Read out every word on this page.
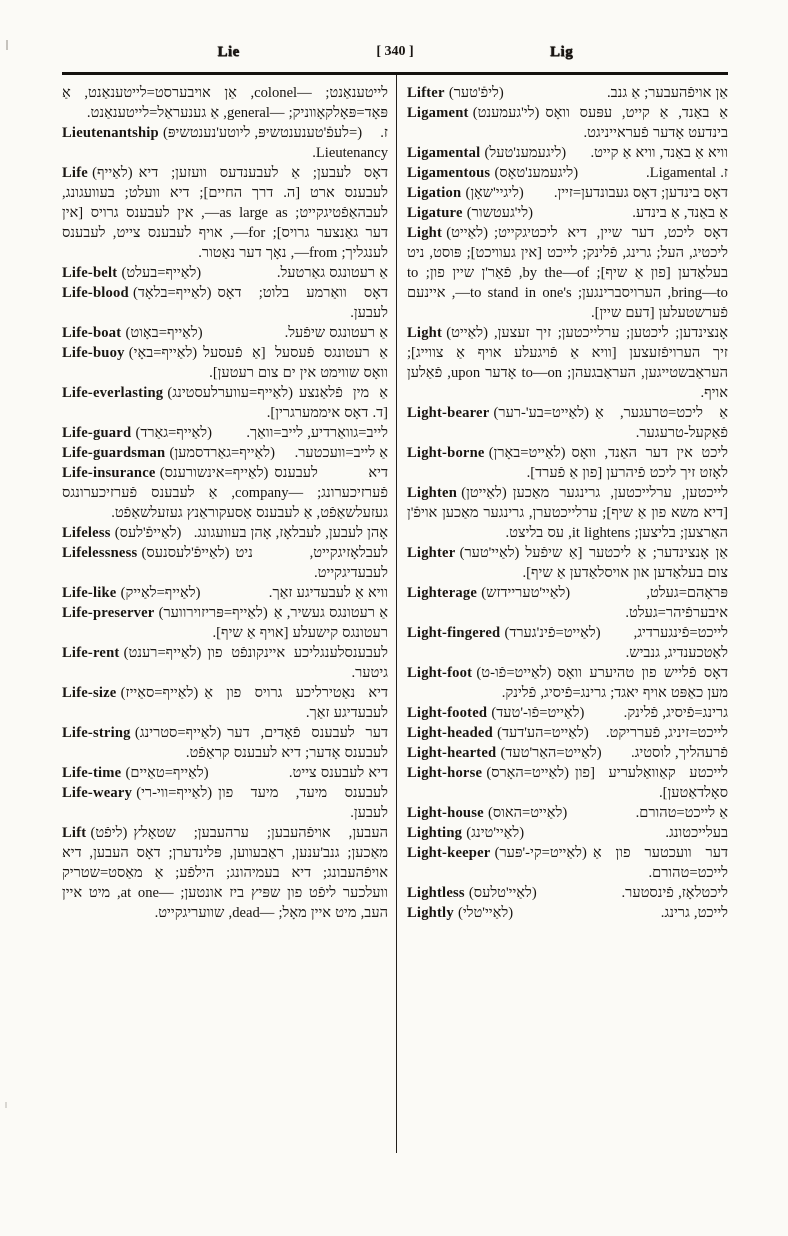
Lie	[ 340 ]	Lig

לייטענאַנט; —colonel, אַן אויבערסט=לייטענאַנט, אַ פּאָד=פּאָלקאָווניק; —general, אַ גענעראַל=לייטענאַנט.

Lieutenantship (לעפֿ'טענענטשיפּ, ליוטע'נענטשיפּ=) ז. Lieutenancy.

Life (לאַייף) דאָס לעבען; אַ לעבענדעס וועזען; דיא לעבענס ארט [ה. דרך החיים]; דיא וועלט; בעוועגונג, לעבהאַפֿטיגקייט; as large as—, אין לעבענס גרויס [אין דער גאַנצער גרויס]; for—, אויף לעבענס צייט, לעבענס לענגליך; from—, נאָך דער נאַטור.

Life-belt (לאַייף=בעלט)	אַ רעטונגס גאַרטעל.

Life-blood (לאַייף=בלאָד) דאָס וואַרמע בלוט; דאָס לעבען.

Life-boat (לאַייף=באָוט)	אַ רעטונגס שיפֿעל.

Life-buoy (לאַייף=באָי) אַ רעטונגס פֿעסעל [אַ פֿעסעל וואָס שווימט אין ים צום רעטען].

Life-everlasting (לאַייף=עווערלעסטינג) אַ מין פֿלאַנצע [ד. דאָס איממערגרין].

Life-guard (לאַייף=גאַרד) לייב=גוואַרדיע, לייב=וואַך.

Life-guardsman (לאַייף=גאַרדסמען) אַ לייב=וועכטער.

Life-insurance (לאַייף=אינשורענס) דיא לעבענס פֿערזיכערונג; —company, אַ לעבענס פֿערזיכערונגס געזעלשאַפֿט, אַ לעבענס אַסעקוראַנץ געזעלשאַפֿט.

Lifeless (לאַייפֿ'לעס) אָהן לעבען, לעבלאָז, אָהן בעוועגונג.

Lifelessness (לאַייפֿ'לעסנעס) לעבלאָזיגקייט, ניט לעבעדיגקייט.

Life-like (לאַייף=לאַייק)	וויא אַ לעבעדיגע זאַך.

Life-preserver (לאַייף=פּריזוירווער) אַ רעטונגס געשיר, אַ רעטונגס קישעלע [אויף אַ שיף].

Life-rent (לאַייף=רענט) לעבענסלענגליכע איינקונפֿט פון גיטער.

Life-size (לאַייף=סאַייז) דיא נאַטירליכע גרויס פון אַ לעבעדיגע זאַך.

Life-string (לאַייף=סטרינג) דער לעבענס פֿאָדים, דער לעבענס אָדער; דיא לעבענס קראַפֿט.

Life-time (לאַייף=טאַיים)	דיא לעבענס צייט.

Life-weary (לאַייף=ווי-רי) לעבענס מיעד, מיעד פון לעבען.

Lift (ליפֿט) העבען, אויפֿהעבען; ערהעבען; שטאָלץ מאַכען; גנב'ענען, ראַבעווען, פּלינדערן; דאָס העבען, דיא אויפֿהעבונג; דיא בעמיהונג; הילפֿע; אַ מאַסט=שטריק וועלכער ליפֿט פון שפּיץ ביז אונטען; —at one, מיט איין העב, מיט איין מאָל; —dead, שוועריגקייט.

Lifter (ליפֿ'טער)	אַן אויפֿהעבער; אַ גנב.

Ligament (לי'געמענט) אַ באַנד, אַ קייט, עפּעס וואָס בינדעט אָדער פֿעראייניגט.

Ligamental (ליגעמענ'טעל) וויא אַ באַנד, וויא אַ קייט.

Ligamentous (ליגעמענ'טאָס)	ז. Ligamental.

Ligation (ליגיי'שאָן) דאָס בינדען; דאָס געבונדען=זיין.

Ligature (לי'געטשור)	אַ באַנד, אַ בינדע.

Light (לאַייט) דאָס ליכט, דער שיין, דיא ליכטיגקייט; ליכטיג, העל; גרינג, פֿלינק; לייכט [אין געוויכט]; פּוסט, ניט בעלאַדען [פון אַ שיף]; by the—of, פֿאַר'ן שיין פון; to bring—to, הערויסברינגען; to stand in one's—, איינעם פֿערשטעלען [דעם שיין].

Light (לאַייט) אָנצינדען; ליכטען; ערלייכטען; זיך זעצען, זיך הערויפֿזעצען [וויא אַ פֿויגעלע אויף אַ צווייג]; העראַבשטייגען, העראַבגעהן; to—on אָדער upon, פֿאַלען אויף.

Light-bearer (לאַייט=בע'-רער) אַ ליכט=טרעגער, אַ פֿאַקעל-טרעגער.

Light-borne (לאַייט=באָרן) ליכט אין דער האַנד, וואָס לאָזט זיך ליכט פֿיהרען [פון אַ פֿערד].

Lighten (לאַייטן) לייכטען, ערלייכטען, גרינגער מאַכען [דיא משא פון אַ שיף]; ערלייכטערן, גרינגער מאַכען אויפֿ'ן האַרצען; בליצען; it lightens, עס בליצט.

Lighter (לאַיי'טער) אַן אָנצינדער; אַ ליכטער [אַ שיפֿעל צום בעלאַדען און אויסלאַדען אַ שיף].

Lighterage (לאַיי'טעריידזש)	פּראָהם=געלט, איבערפֿיהר=געלט.

Light-fingered (לאַייט=פֿינ'גערד) לייכט=פֿינגערדיג, לאַטכענדיג, גנביש.

Light-foot (לאַייט=פֿו-ט) דאָס פֿלייש פון טהיערע וואָס מען כאַפּט אויף יאגד; גרינג=פֿיסיג, פֿלינק.

Light-footed (לאַייט=פֿו-'טעד)	גרינג=פֿיסיג, פֿלינק.

Light-headed (לאַייט=הע'דעד) לייכט=זיניג, פֿערריקט.

Light-hearted (לאַייט=האַר'טעד) פֿרעהליך, לוסטיג.

Light-horse (לאַייט=האָרס) לייכטע קאַוואַלעריע [פון סאָלדאַטען].

Light-house (לאַייט=האוס)	אַ לייכט=טהורם.

Lighting (לאַיי'טינג)	בעלייכטונג.

Light-keeper (לאַייט=קי-'פּער) דער וועכטער פון אַ לייכט=טהורם.

Lightless (לאַיי'טלעס)	ליכטלאָז, פֿינסטער.

Lightly (לאַיי'טלי)	לייכט, גרינג.
